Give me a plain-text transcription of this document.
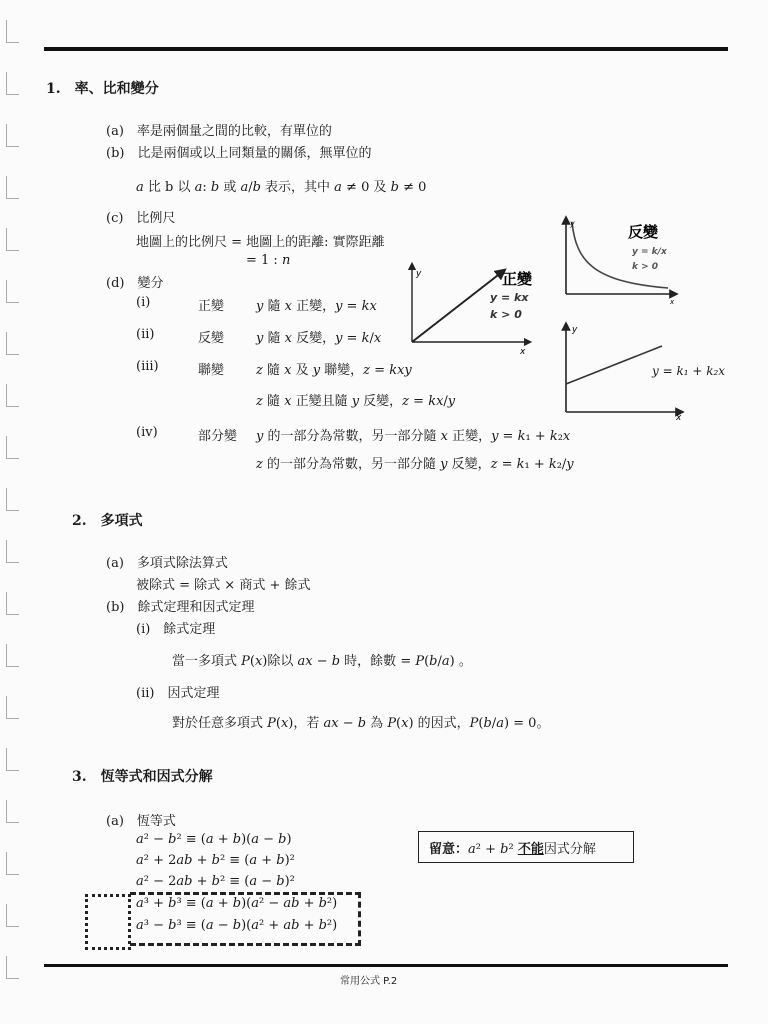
1.　率、比和變分
(a)　率是兩個量之間的比較，有單位的
(b)　比是兩個或以上同類量的關係，無單位的
𝑎 比 b 以 𝑎: 𝑏 或 𝑎/𝑏 表示，其中 𝑎 ≠ 0 及 𝑏 ≠ 0
(c)　比例尺
地圖上的比例尺 = 地圖上的距離: 實際距離
= 1 : 𝑛
(d)　變分
(i)	正變 𝑦 隨 𝑥 正變，𝑦 = 𝑘𝑥
(ii)	反變 𝑦 隨 𝑥 反變，𝑦 = 𝑘/𝑥
(iii)	聯變 𝑧 隨 𝑥 及 𝑦 聯變，𝑧 = 𝑘𝑥𝑦
𝑧 隨 𝑥 正變且隨 𝑦 反變，𝑧 = 𝑘𝑥/𝑦
(iv)	部分變 𝑦 的一部分為常數，另一部分隨 𝑥 正變，𝑦 = 𝑘₁ + 𝑘₂𝑥
𝑧 的一部分為常數，另一部分隨 𝑦 反變，𝑧 = 𝑘₁ + 𝑘₂/𝑦
y
x
正變
y = kx
k > 0
y
x
反變
y = k/x
k > 0
y
x
y = k₁ + k₂x
2.　多項式
(a)　多項式除法算式
被除式 = 除式 × 商式 + 餘式
(b)　餘式定理和因式定理
(i)　餘式定理
當一多項式 𝑃(𝑥)除以 𝑎𝑥 − 𝑏 時，餘數 = 𝑃(𝑏/𝑎) 。
(ii)　因式定理
對於任意多項式 𝑃(𝑥)，若 𝑎𝑥 − 𝑏 為 𝑃(𝑥) 的因式，𝑃(𝑏/𝑎) = 0。
3.　恆等式和因式分解
(a)　恆等式
𝑎² − 𝑏² ≡ (𝑎 + 𝑏)(𝑎 − 𝑏)
𝑎² + 2𝑎𝑏 + 𝑏² ≡ (𝑎 + 𝑏)²
𝑎² − 2𝑎𝑏 + 𝑏² ≡ (𝑎 − 𝑏)²
𝑎³ + 𝑏³ ≡ (𝑎 + 𝑏)(𝑎² − 𝑎𝑏 + 𝑏²)
𝑎³ − 𝑏³ ≡ (𝑎 − 𝑏)(𝑎² + 𝑎𝑏 + 𝑏²)
留意：𝑎² + 𝑏² 不能因式分解
常用公式 P.2
